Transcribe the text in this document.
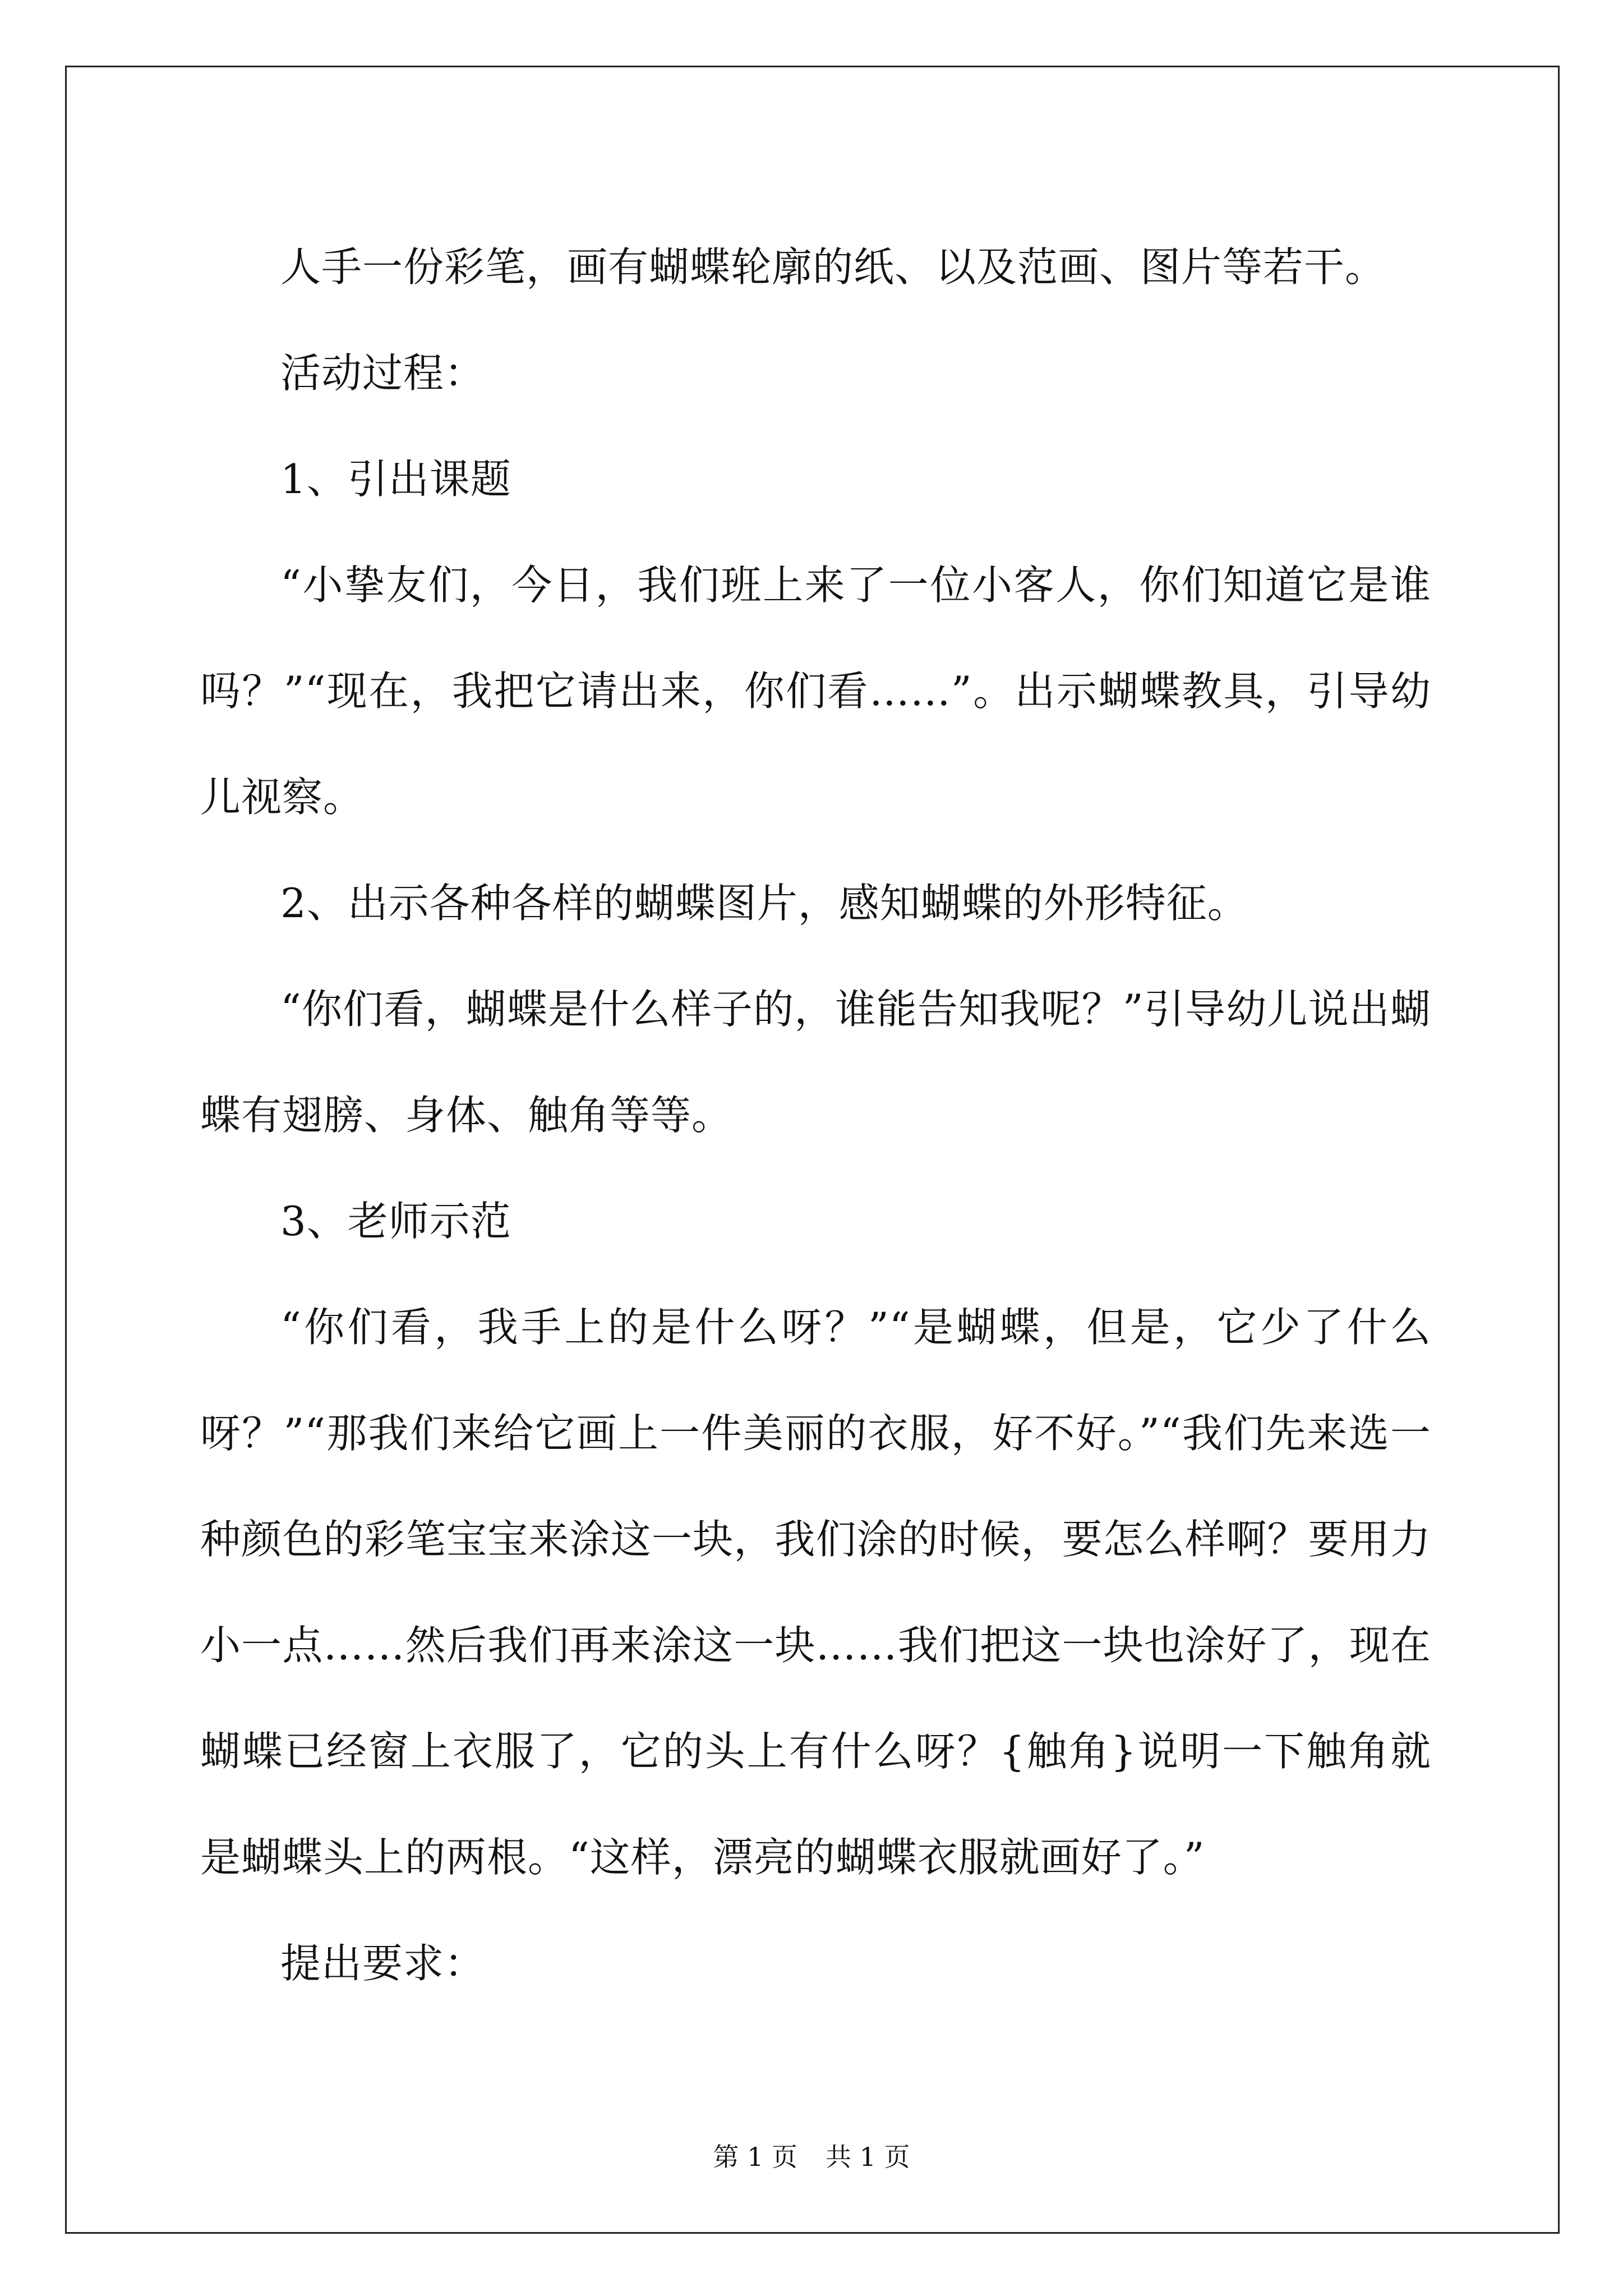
人手一份彩笔，画有蝴蝶轮廓的纸、以及范画、图片等若干。

活动过程：

1、引出课题

“小挚友们，今日，我们班上来了一位小客人，你们知道它是谁吗？”“现在，我把它请出来，你们看……”。出示蝴蝶教具，引导幼儿视察。

2、出示各种各样的蝴蝶图片，感知蝴蝶的外形特征。

“你们看，蝴蝶是什么样子的，谁能告知我呢？”引导幼儿说出蝴蝶有翅膀、身体、触角等等。

3、老师示范

“你们看，我手上的是什么呀？”“是蝴蝶，但是，它少了什么呀？”“那我们来给它画上一件美丽的衣服，好不好。”“我们先来选一种颜色的彩笔宝宝来涂这一块，我们涂的时候，要怎么样啊？要用力小一点……然后我们再来涂这一块……我们把这一块也涂好了，现在蝴蝶已经窗上衣服了，它的头上有什么呀？{触角}说明一下触角就是蝴蝶头上的两根。“这样，漂亮的蝴蝶衣服就画好了。”

提出要求：

第 1 页 共 1 页
